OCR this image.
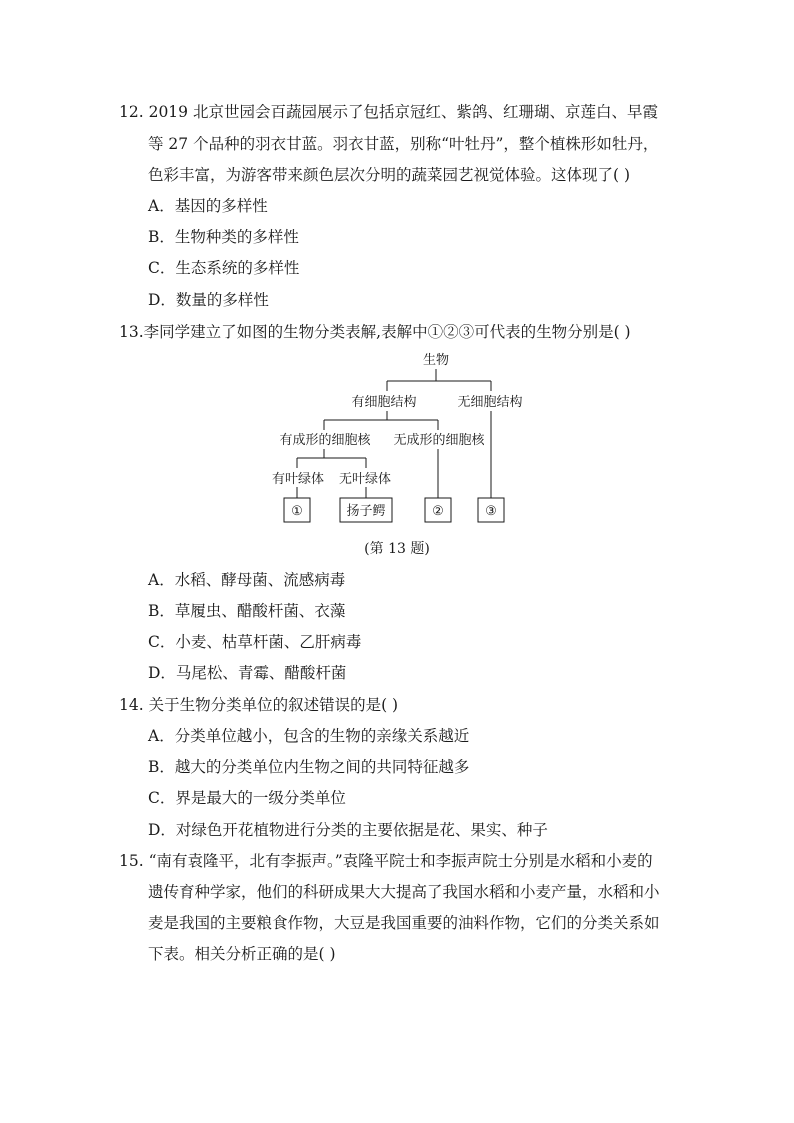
12. 2019 北京世园会百蔬园展示了包括京冠红、紫鸽、红珊瑚、京莲白、早霞
等 27 个品种的羽衣甘蓝。羽衣甘蓝，别称“叶牡丹”，整个植株形如牡丹，
色彩丰富，为游客带来颜色层次分明的蔬菜园艺视觉体验。这体现了( )
A．基因的多样性
B．生物种类的多样性
C．生态系统的多样性
D．数量的多样性
13.李同学建立了如图的生物分类表解,表解中①②③可代表的生物分别是( )
生物
有细胞结构	无细胞结构
有成形的细胞核 无成形的细胞核
有叶绿体 无叶绿体
①	扬子鳄	②	③
(第 13 题)
A．水稻、酵母菌、流感病毒
B．草履虫、醋酸杆菌、衣藻
C．小麦、枯草杆菌、乙肝病毒
D．马尾松、青霉、醋酸杆菌
14. 关于生物分类单位的叙述错误的是( )
A．分类单位越小，包含的生物的亲缘关系越近
B．越大的分类单位内生物之间的共同特征越多
C．界是最大的一级分类单位
D．对绿色开花植物进行分类的主要依据是花、果实、种子
15. “南有袁隆平，北有李振声。”袁隆平院士和李振声院士分别是水稻和小麦的
遗传育种学家，他们的科研成果大大提高了我国水稻和小麦产量，水稻和小
麦是我国的主要粮食作物，大豆是我国重要的油料作物，它们的分类关系如
下表。相关分析正确的是( )
